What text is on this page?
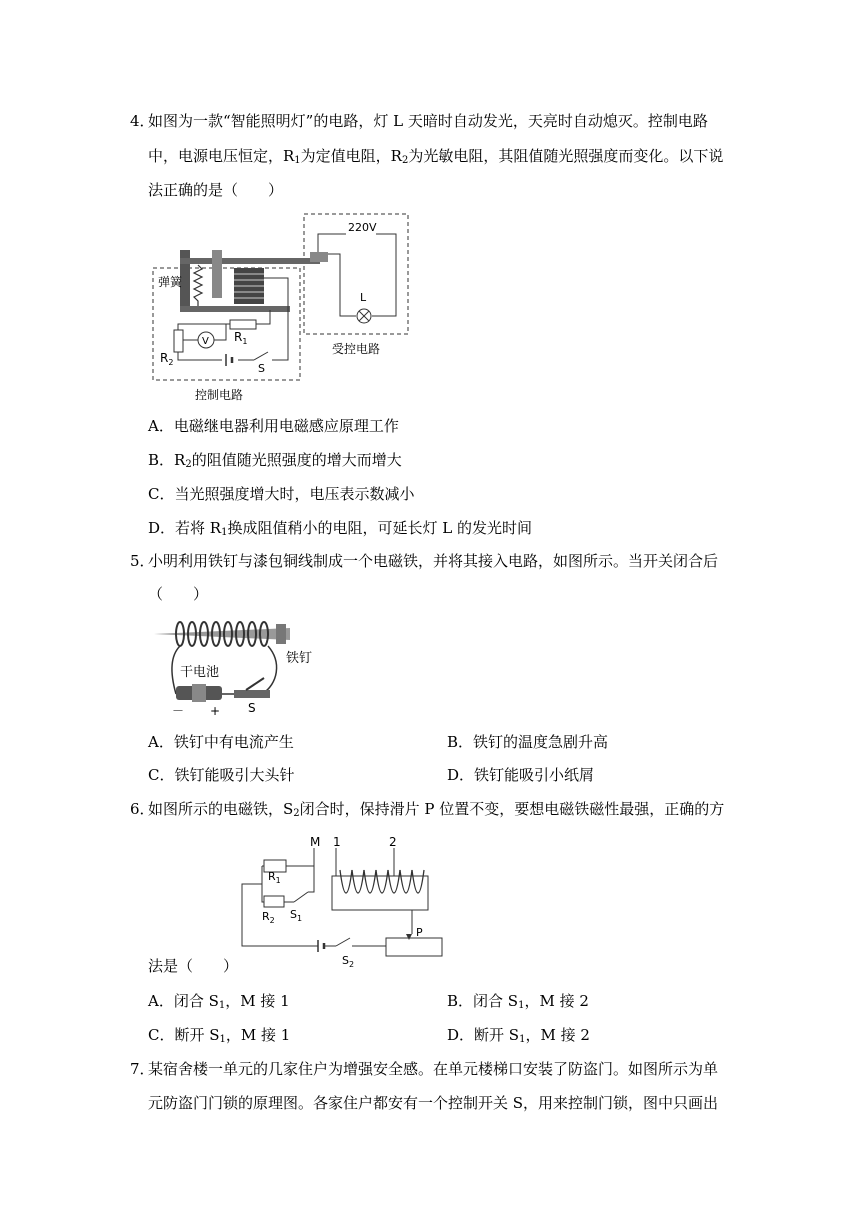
4．
如图为一款“智能照明灯”的电路，灯 L 天暗时自动发光，天亮时自动熄灭。控制电路
中，电源电压恒定，$R_1$为定值电阻，$R_2$为光敏电阻，其阻值随光照强度而变化。以下说
法正确的是（　　）
220V
L
受控电路
V
弹簧
$R_1$
$R_2$	S
控制电路
A．电磁继电器利用电磁感应原理工作
B．$R_2$的阻值随光照强度的增大而增大
C．当光照强度增大时，电压表示数减小
D．若将 $R_1$换成阻值稍小的电阻，可延长灯 L 的发光时间
5．
小明利用铁钉与漆包铜线制成一个电磁铁，并将其接入电路，如图所示。当开关闭合后
（　　）
铁钉
干电池
－ + S
A．铁钉中有电流产生	B．铁钉的温度急剧升高
C．铁钉能吸引大头针	D．铁钉能吸引小纸屑
6．
如图所示的电磁铁，$S_2$闭合时，保持滑片 P 位置不变，要想电磁铁磁性最强，正确的方
M 1	2
P
$R_1$
$R_2$ $S_1$
$S_2$
法是（　　）
A．闭合 $S_1$，M 接 1	B．闭合 $S_1$，M 接 2
C．断开 $S_1$，M 接 1	D．断开 $S_1$，M 接 2
7．
某宿舍楼一单元的几家住户为增强安全感。在单元楼梯口安装了防盗门。如图所示为单
元防盗门门锁的原理图。各家住户都安有一个控制开关 S，用来控制门锁，图中只画出
